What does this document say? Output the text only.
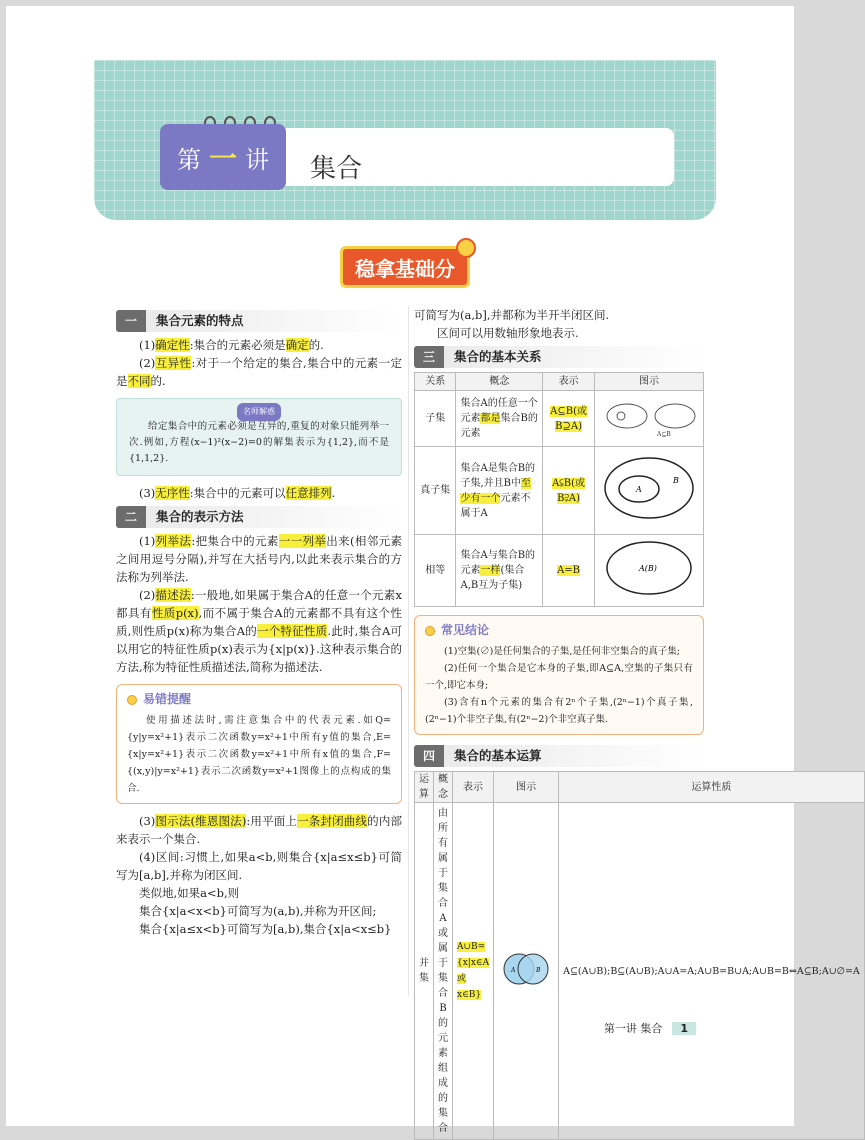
第 一 讲 集合
稳拿基础分
一	集合元素的特点

(1)确定性:集合的元素必须是确定的.

(2)互异性:对于一个给定的集合,集合中的元素一定是不同的.

名师解惑

给定集合中的元素必须是互异的,重复的对象只能列举一次.例如,方程(x−1)²(x−2)=0的解集表示为{1,2},而不是{1,1,2}.

(3)无序性:集合中的元素可以任意排列.

二	集合的表示方法

(1)列举法:把集合中的元素一一列举出来(相邻元素之间用逗号分隔),并写在大括号内,以此来表示集合的方法称为列举法.

(2)描述法:一般地,如果属于集合A的任意一个元素x都具有性质p(x),而不属于集合A的元素都不具有这个性质,则性质p(x)称为集合A的一个特征性质.此时,集合A可以用它的特征性质p(x)表示为{x|p(x)}.这种表示集合的方法,称为特征性质描述法,简称为描述法.

易错提醒

使用描述法时,需注意集合中的代表元素.如Q={y|y=x²+1}表示二次函数y=x²+1中所有y值的集合,E={x|y=x²+1}表示二次函数y=x²+1中所有x值的集合,F={(x,y)|y=x²+1}表示二次函数y=x²+1图像上的点构成的集合.

(3)图示法(维恩图法):用平面上一条封闭曲线的内部来表示一个集合.

(4)区间:习惯上,如果a<b,则集合{x|a≤x≤b}可简写为[a,b],并称为闭区间.

类似地,如果a<b,则

集合{x|a<x<b}可简写为(a,b),并称为开区间;

集合{x|a≤x<b}可简写为[a,b),集合{x|a<x≤b}

可简写为(a,b],并都称为半开半闭区间.

区间可以用数轴形象地表示.

三	集合的基本关系
关系	概念	表示	图示
子集	集合A的任意一个元素都是集合B的元素	A⊆B(或B⊇A)	A⊆B

真子集	集合A是集合B的子集,并且B中至少有一个元素不属于A	A⫋B(或B⫌A)	A
B

相等	集合A与集合B的元素一样(集合A,B互为子集)	A=B	A(B)
常见结论

(1)空集(∅)是任何集合的子集,是任何非空集合的真子集;

(2)任何一个集合是它本身的子集,即A⊆A,空集的子集只有一个,即它本身;

(3)含有n个元素的集合有2ⁿ个子集,(2ⁿ−1)个真子集,(2ⁿ−1)个非空子集,有(2ⁿ−2)个非空真子集.

四	集合的基本运算
运算	概念	表示	图示	运算性质
并集	由所有属于集合A或属于集合B的元素组成的集合	A∪B={x|x∈A或x∈B}	A B	A⊆(A∪B);B⊆(A∪B);A∪A=A;A∪B=B∪A;A∪B=B⇔A⊆B;A∪∅=A
第一讲 集合	1
